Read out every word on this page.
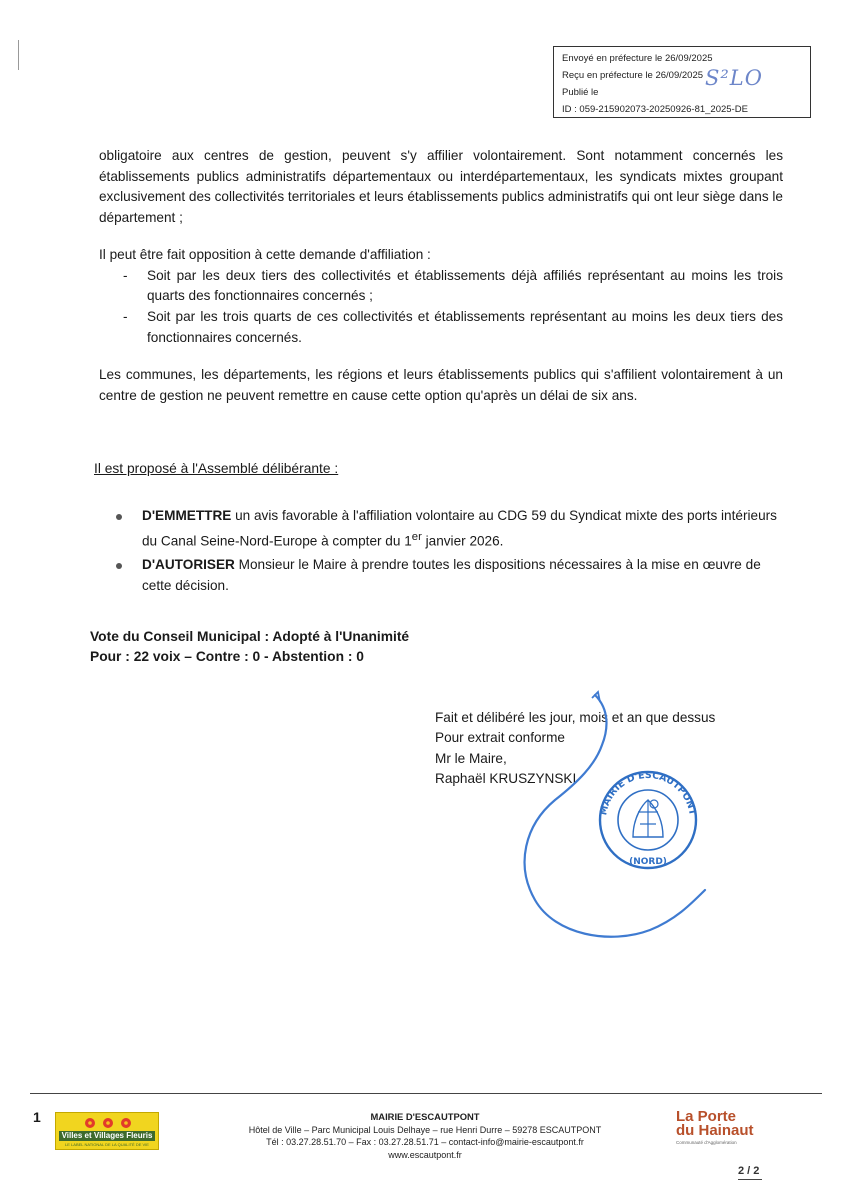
Envoyé en préfecture le 26/09/2025
Reçu en préfecture le 26/09/2025
Publié le
ID : 059-215902073-20250926-81_2025-DE
S²LO
obligatoire aux centres de gestion, peuvent s'y affilier volontairement. Sont notamment concernés les établissements publics administratifs départementaux ou interdépartementaux, les syndicats mixtes groupant exclusivement des collectivités territoriales et leurs établissements publics administratifs qui ont leur siège dans le département ;
Il peut être fait opposition à cette demande d'affiliation :
- Soit par les deux tiers des collectivités et établissements déjà affiliés représentant au moins les trois quarts des fonctionnaires concernés ;
- Soit par les trois quarts de ces collectivités et établissements représentant au moins les deux tiers des fonctionnaires concernés.
Les communes, les départements, les régions et leurs établissements publics qui s'affilient volontairement à un centre de gestion ne peuvent remettre en cause cette option qu'après un délai de six ans.
Il est proposé à l'Assemblé délibérante :
D'EMMETTRE un avis favorable à l'affiliation volontaire au CDG 59 du Syndicat mixte des ports intérieurs du Canal Seine-Nord-Europe à compter du 1er janvier 2026.
D'AUTORISER Monsieur le Maire à prendre toutes les dispositions nécessaires à la mise en œuvre de cette décision.
Vote du Conseil Municipal : Adopté à l'Unanimité
Pour : 22 voix – Contre : 0 - Abstention : 0
Fait et délibéré les jour, mois et an que dessus
Pour extrait conforme
Mr le Maire,
Raphaël KRUSZYNSKI
MAIRIE D'ESCAUTPONT
(NORD)
1
Villes et Villages Fleuris
LE LABEL NATIONAL DE LA QUALITÉ DE VIE
MAIRIE D'ESCAUTPONT
Hôtel de Ville – Parc Municipal Louis Delhaye – rue Henri Durre – 59278 ESCAUTPONT
Tél : 03.27.28.51.70 – Fax : 03.27.28.51.71 – contact-info@mairie-escautpont.fr
www.escautpont.fr
La Porte
du Hainaut
Communauté d'Agglomération
2 / 2
